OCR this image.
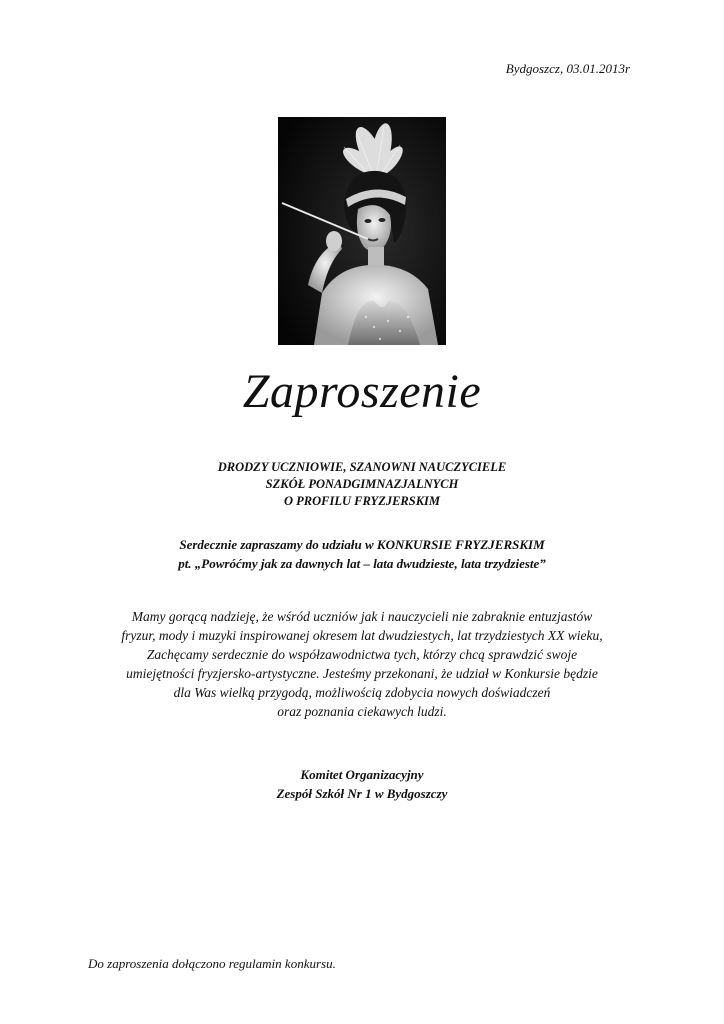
Bydgoszcz, 03.01.2013r
Zaproszenie
DRODZY UCZNIOWIE, SZANOWNI NAUCZYCIELE
SZKÓŁ PONADGIMNAZJALNYCH
O PROFILU FRYZJERSKIM
Serdecznie zapraszamy do udziału w KONKURSIE FRYZJERSKIM
pt. „Powróćmy jak za dawnych lat – lata dwudzieste, lata trzydzieste”
Mamy gorącą nadzieję, że wśród uczniów jak i nauczycieli nie zabraknie entuzjastów
fryzur, mody i muzyki inspirowanej okresem lat dwudziestych, lat trzydziestych XX wieku,
Zachęcamy serdecznie do współzawodnictwa tych, którzy chcą sprawdzić swoje
umiejętności fryzjersko-artystyczne. Jesteśmy przekonani, że udział w Konkursie będzie
dla Was wielką przygodą, możliwością zdobycia nowych doświadczeń
oraz poznania ciekawych ludzi.
Komitet Organizacyjny
Zespół Szkół Nr 1 w Bydgoszczy
Do zaproszenia dołączono regulamin konkursu.
